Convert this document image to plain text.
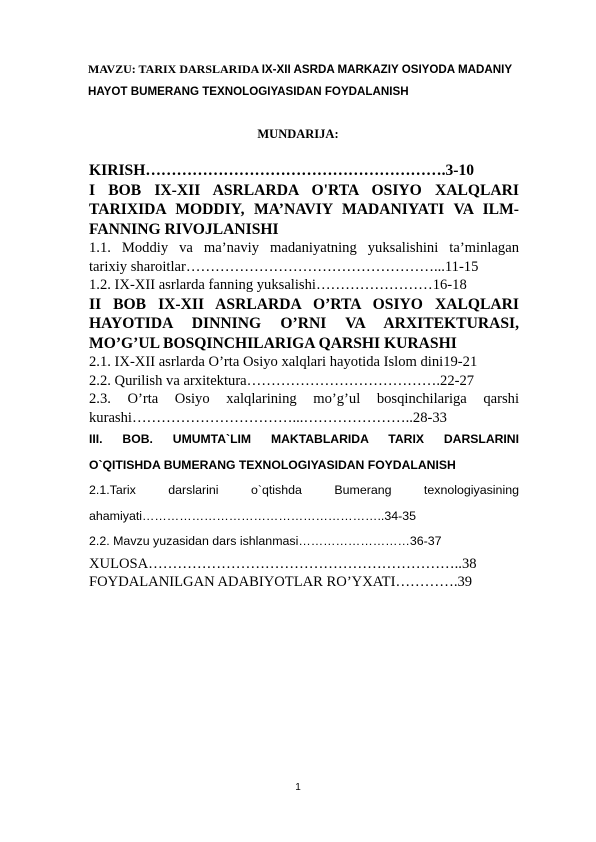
MAVZU: TARIX DARSLARIDA IX-XII ASRDA MARKAZIY OSIYODA MADANIY
HAYOT BUMERANG TEXNOLOGIYASIDAN FOYDALANISH
MUNDARIJA:
KIRISH………………………………………………….3-10
I BOB IX-XII ASRLARDA O'RTA OSIYO XALQLARI
TARIXIDA MODDIY, MA’NAVIY MADANIYATI VA ILM-
FANNING RIVOJLANISHI
1.1. Moddiy va ma’naviy madaniyatning yuksalishini ta’minlagan
tarixiy sharoitlar……………………………………………...11-15
1.2. IX-XII asrlarda fanning yuksalishi……………………16-18
II BOB IX-XII ASRLARDA O’RTA OSIYO XALQLARI
HAYOTIDA DINNING O’RNI VA ARXITEKTURASI,
MO’G’UL BOSQINCHILARIGA QARSHI KURASHI
2.1. IX-XII asrlarda O’rta Osiyo xalqlari hayotida Islom dini19-21
2.2. Qurilish va arxitektura………………………………….22-27
2.3. O’rta Osiyo xalqlarining mo’g’ul bosqinchilariga qarshi
kurashi……………………………...…………………..28-33
III. BOB. UMUMTA`LIM MAKTABLARIDA TARIX DARSLARINI
O`QITISHDA BUMERANG TEXNOLOGIYASIDAN FOYDALANISH
2.1.Tarix darslarini o`qtishda Bumerang texnologiyasining
ahamiyati…………………………………………………..34-35
2.2. Mavzu yuzasidan dars ishlanmasi………………………36-37
XULOSA………………………………………………………..38
FOYDALANILGAN ADABIYOTLAR RO’YXATI………….39
1
